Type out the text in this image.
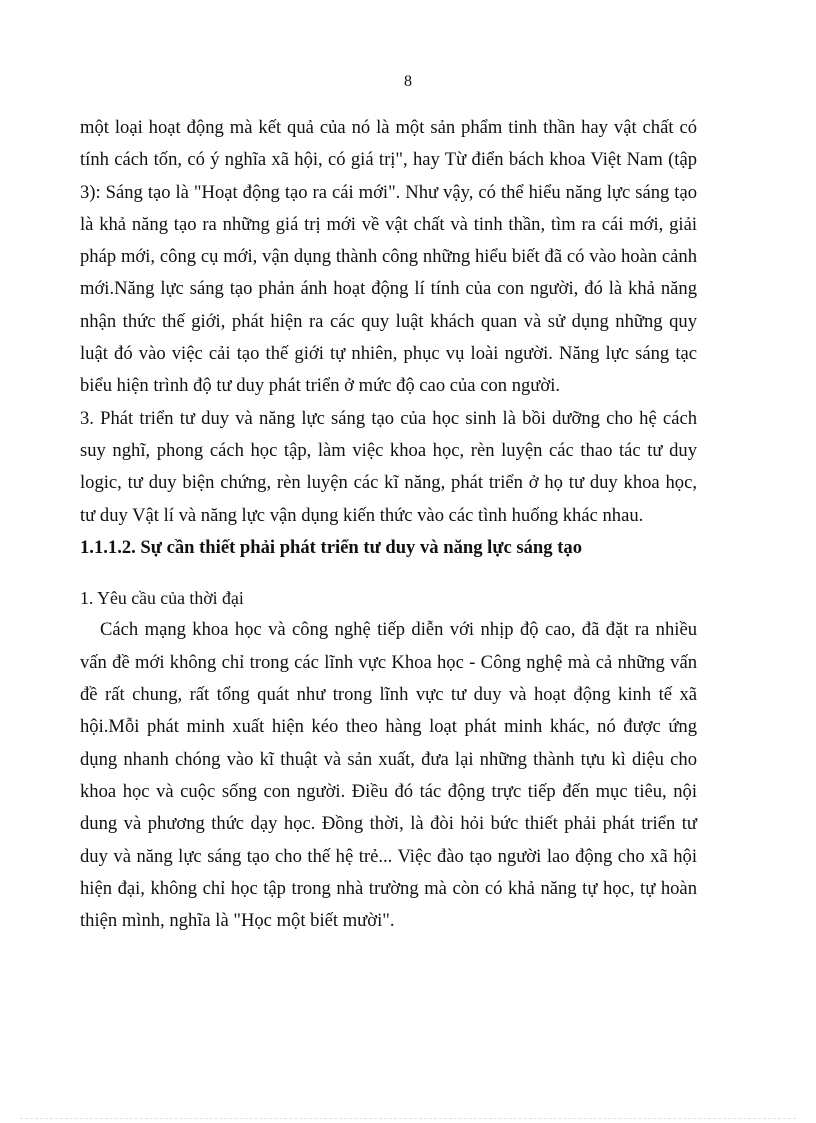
8

một loại hoạt động mà kết quả của nó là một sản phẩm tinh thần hay vật chất có tính cách tốn, có ý nghĩa xã hội, có giá trị", hay Từ điển bách khoa Việt Nam (tập 3): Sáng tạo là "Hoạt động tạo ra cái mới". Như vậy, có thể hiểu năng lực sáng tạo là khả năng tạo ra những giá trị mới về vật chất và tinh thần, tìm ra cái mới, giải pháp mới, công cụ mới, vận dụng thành công những hiểu biết đã có vào hoàn cảnh mới.Năng lực sáng tạo phản ánh hoạt động lí tính của con người, đó là khả năng nhận thức thế giới, phát hiện ra các quy luật khách quan và sử dụng những quy luật đó vào việc cải tạo thế giới tự nhiên, phục vụ loài người. Năng lực sáng tạc biểu hiện trình độ tư duy phát triển ở mức độ cao của con người.

3. Phát triển tư duy và năng lực sáng tạo của học sinh là bồi dưỡng cho hệ cách suy nghĩ, phong cách học tập, làm việc khoa học, rèn luyện các thao tác tư duy logic, tư duy biện chứng, rèn luyện các kĩ năng, phát triển ở họ tư duy khoa học, tư duy Vật lí và năng lực vận dụng kiến thức vào các tình huống khác nhau.

1.1.1.2. Sự cần thiết phải phát triển tư duy và năng lực sáng tạo

1. Yêu cầu của thời đại

Cách mạng khoa học và công nghệ tiếp diễn với nhịp độ cao, đã đặt ra nhiều vấn đề mới không chỉ trong các lĩnh vực Khoa học - Công nghệ mà cả những vấn đề rất chung, rất tổng quát như trong lĩnh vực tư duy và hoạt động kinh tế xã hội.Mỗi phát minh xuất hiện kéo theo hàng loạt phát minh khác, nó được ứng dụng nhanh chóng vào kĩ thuật và sản xuất, đưa lại những thành tựu kì diệu cho khoa học và cuộc sống con người. Điều đó tác động trực tiếp đến mục tiêu, nội dung và phương thức dạy học. Đồng thời, là đòi hỏi bức thiết phải phát triển tư duy và năng lực sáng tạo cho thế hệ trẻ... Việc đào tạo người lao động cho xã hội hiện đại, không chỉ học tập trong nhà trường mà còn có khả năng tự học, tự hoàn thiện mình, nghĩa là "Học một biết mười".
